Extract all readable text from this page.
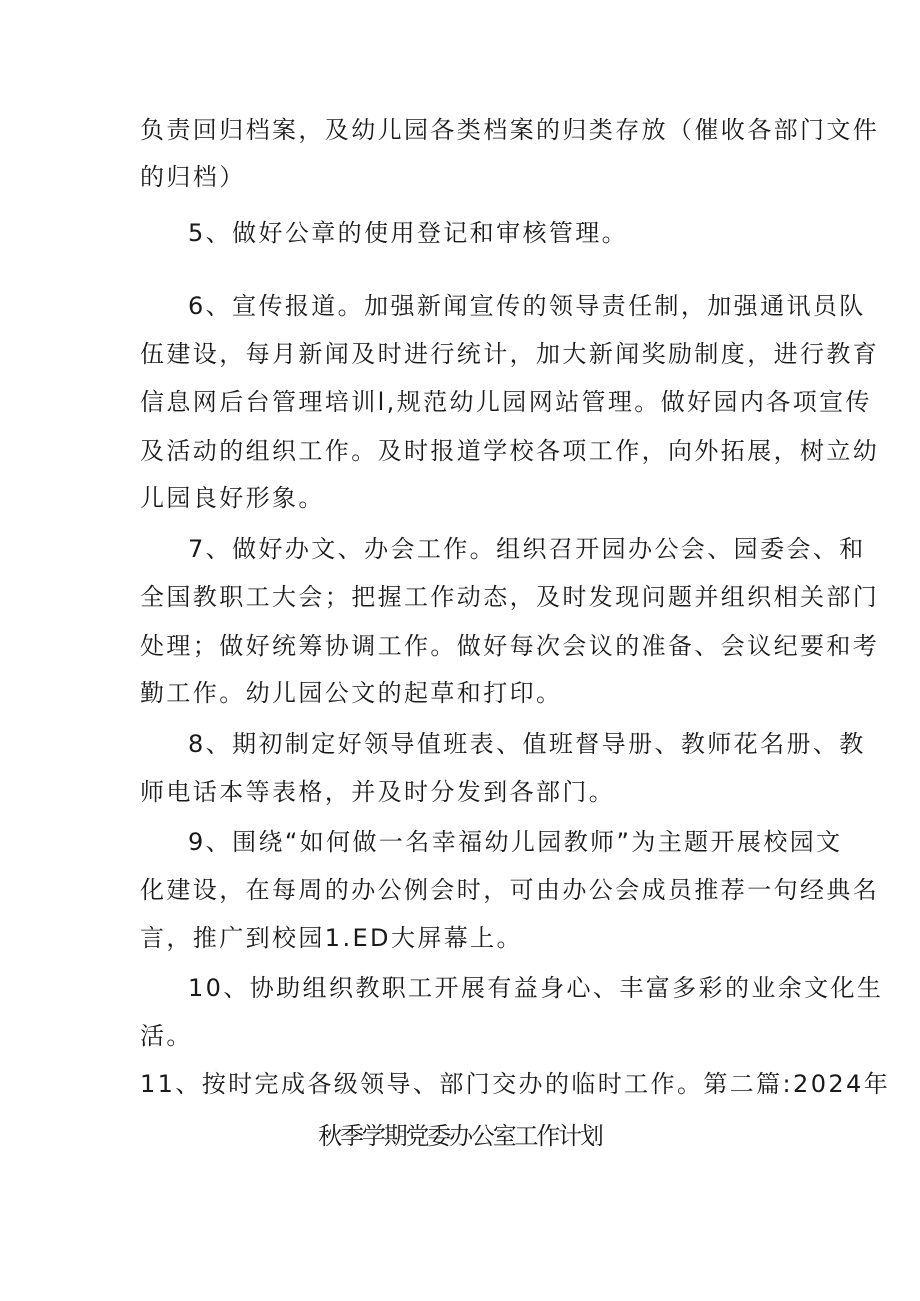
负责回归档案，及幼儿园各类档案的归类存放（催收各部门文件
的归档）
5、做好公章的使用登记和审核管理。
6、宣传报道。加强新闻宣传的领导责任制，加强通讯员队
伍建设，每月新闻及时进行统计，加大新闻奖励制度，进行教育
信息网后台管理培训l,规范幼儿园网站管理。做好园内各项宣传
及活动的组织工作。及时报道学校各项工作，向外拓展，树立幼
儿园良好形象。
7、做好办文、办会工作。组织召开园办公会、园委会、和
全国教职工大会；把握工作动态，及时发现问题并组织相关部门
处理；做好统筹协调工作。做好每次会议的准备、会议纪要和考
勤工作。幼儿园公文的起草和打印。
8、期初制定好领导值班表、值班督导册、教师花名册、教
师电话本等表格，并及时分发到各部门。
9、围绕“如何做一名幸福幼儿园教师”为主题开展校园文
化建设，在每周的办公例会时，可由办公会成员推荐一句经典名
言，推广到校园1.ED大屏幕上。
10、协助组织教职工开展有益身心、丰富多彩的业余文化生
活。
11、按时完成各级领导、部门交办的临时工作。第二篇:2024年
秋季学期党委办公室工作计划
